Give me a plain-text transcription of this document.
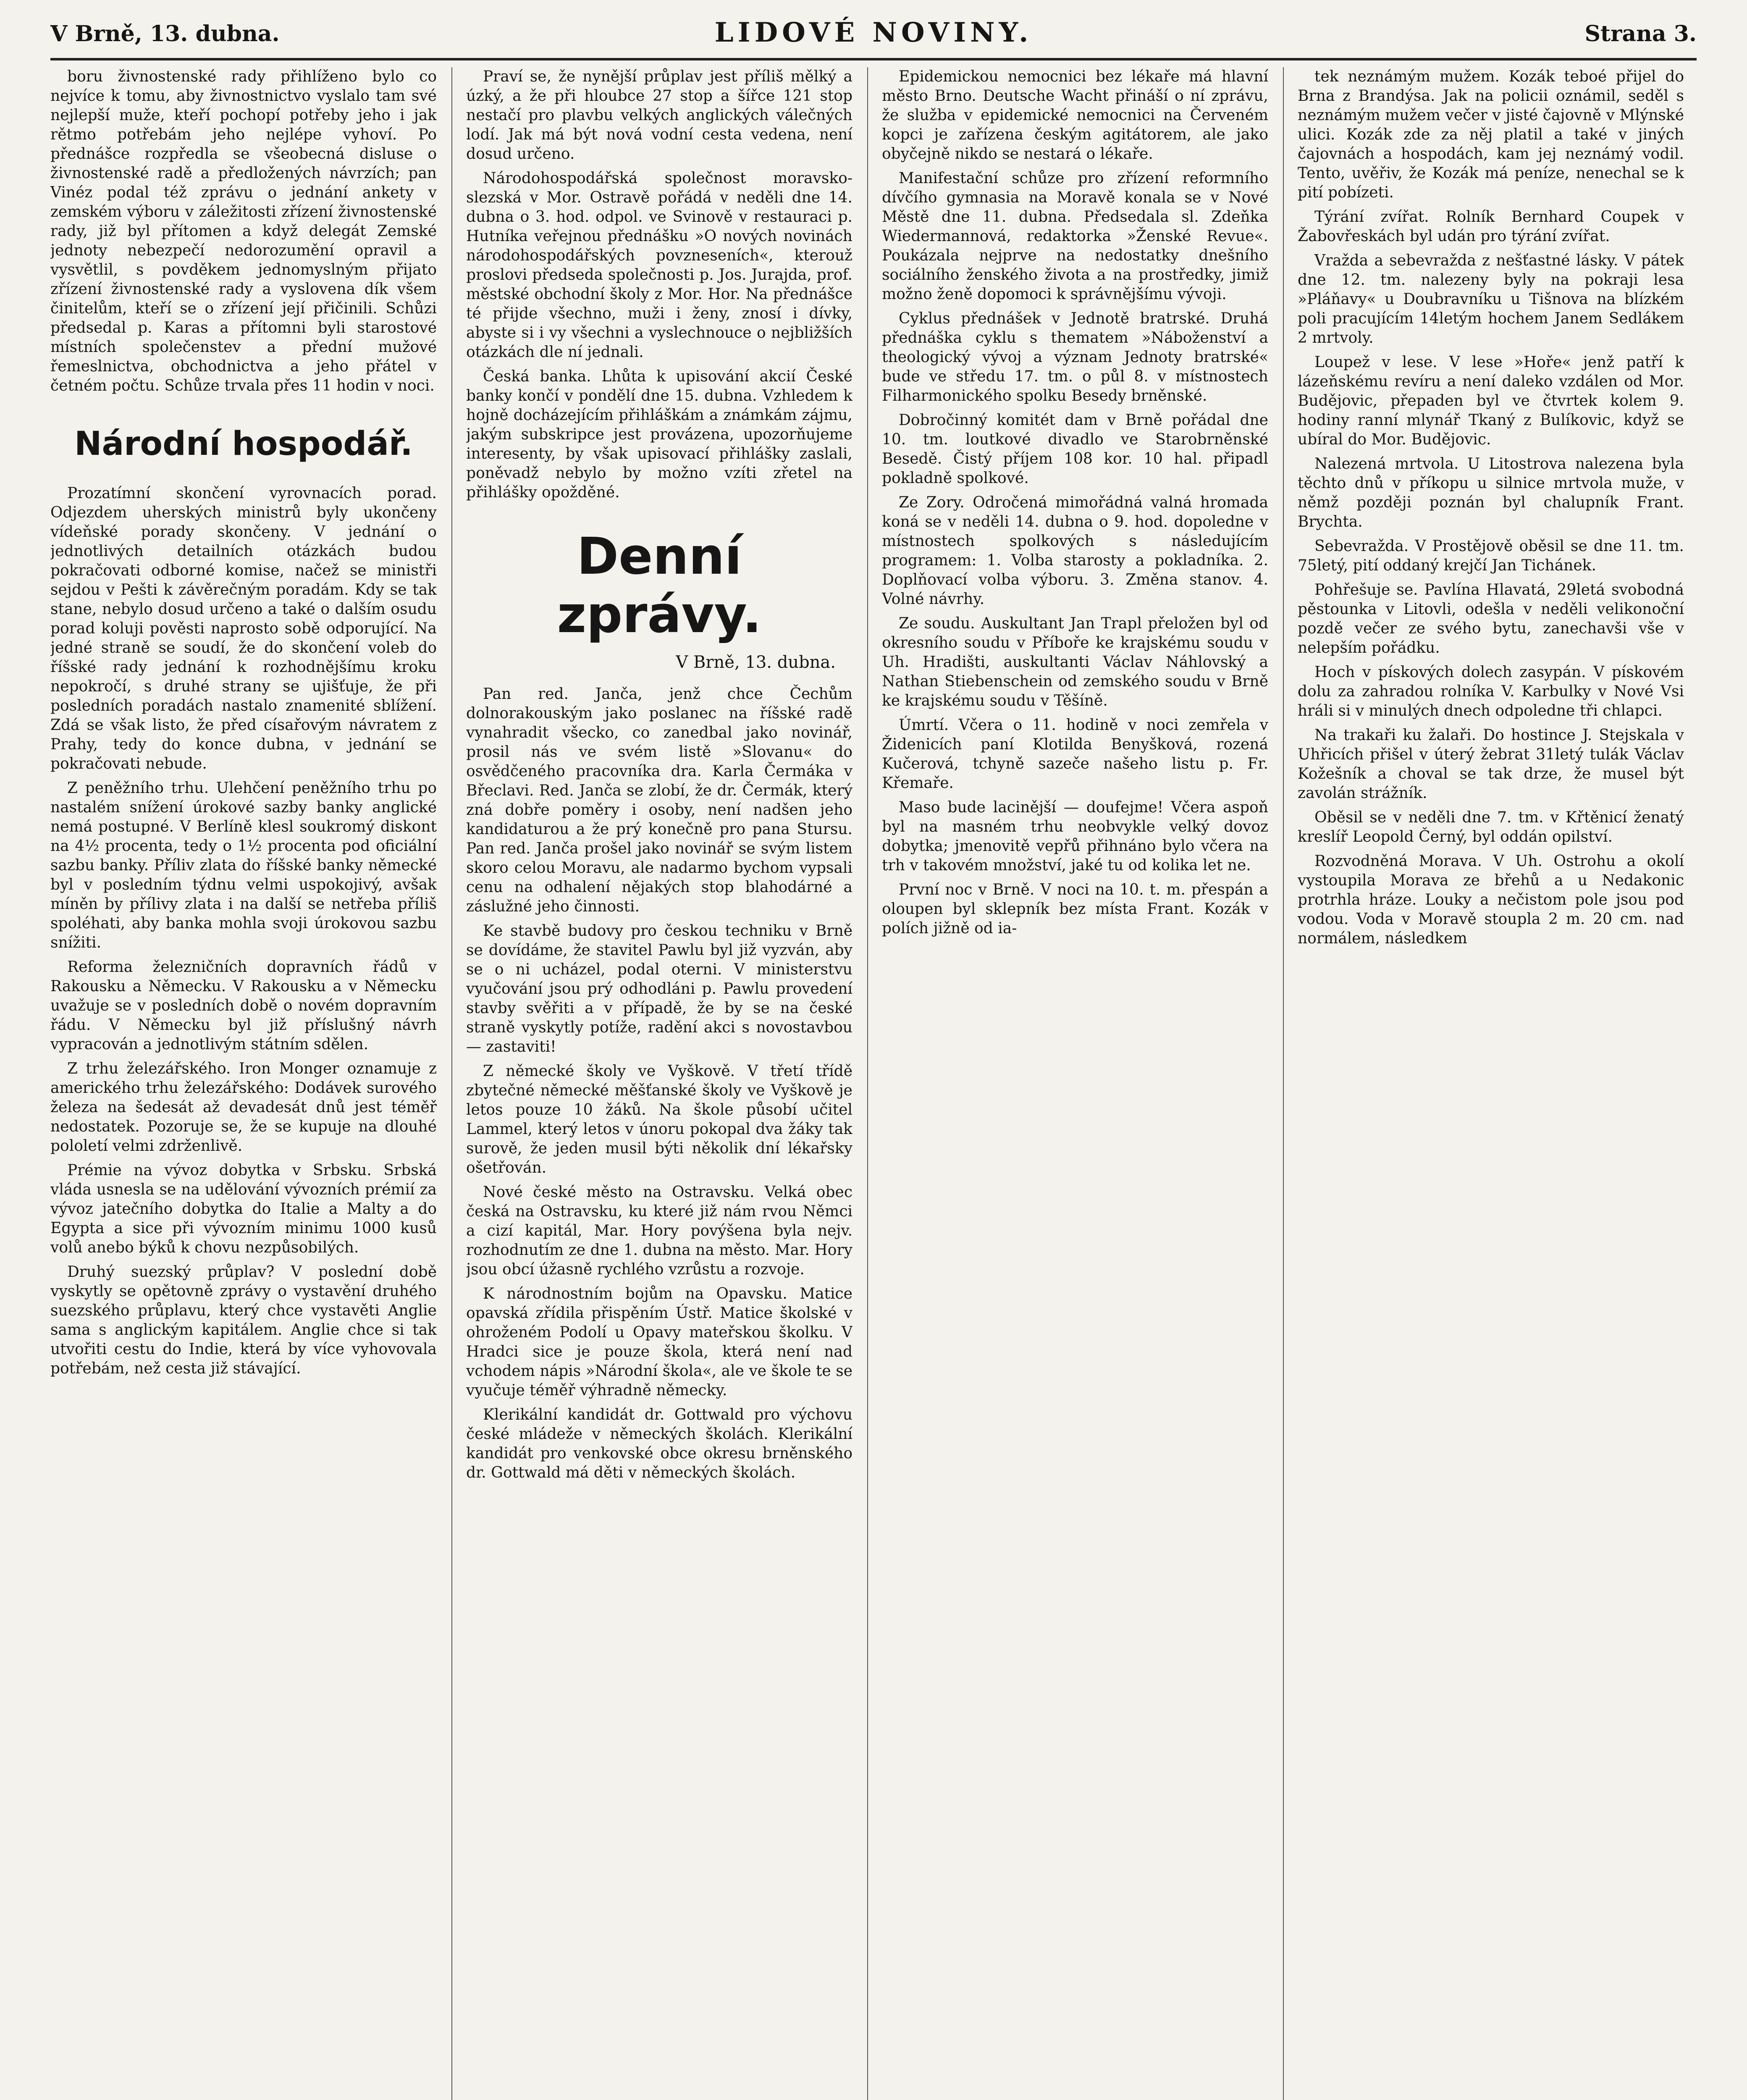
V Brně, 13. dubna.	LIDOVÉ NOVINY.	Strana 3.

boru živnostenské rady přihlíženo bylo co nejvíce k tomu, aby živnostnictvo vyslalo tam své nejlepší muže, kteří pochopí potřeby jeho i jak rětmo potřebám jeho nejlépe vyhoví. Po přednášce rozpředla se všeobecná disluse o živnostenské radě a předložených návrzích; pan Vinéz podal též zprávu o jednání ankety v zemském výboru v záležitosti zřízení živnostenské rady, již byl přítomen a když delegát Zemské jednoty nebezpečí nedorozumění opravil a vysvětlil, s povděkem jednomyslným přijato zřízení živnostenské rady a vyslovena dík všem činitelům, kteří se o zřízení její přičinili. Schůzi předsedal p. Karas a přítomni byli starostové místních společenstev a přední mužové řemeslnictva, obchodnictva a jeho přátel v četném počtu. Schůze trvala přes 11 hodin v noci.

Národní hospodář.

Prozatímní skončení vyrovnacích porad. Odjezdem uherských ministrů byly ukončeny vídeňské porady skončeny. V jednání o jednotlivých detailních otázkách budou pokračovati odborné komise, načež se ministři sejdou v Pešti k závěrečným poradám. Kdy se tak stane, nebylo dosud určeno a také o dalším osudu porad koluji pověsti naprosto sobě odporující. Na jedné straně se soudí, že do skončení voleb do říšské rady jednání k rozhodnějšímu kroku nepokročí, s druhé strany se ujišťuje, že při posledních poradách nastalo znamenité sblížení. Zdá se však listo, že před císařovým návratem z Prahy, tedy do konce dubna, v jednání se pokračovati nebude.

Z peněžního trhu. Ulehčení peněžního trhu po nastalém snížení úrokové sazby banky anglické nemá postupné. V Berlíně klesl soukromý diskont na 4½ procenta, tedy o 1½ procenta pod oficiální sazbu banky. Příliv zlata do říšské banky německé byl v posledním týdnu velmi uspokojivý, avšak míněn by přílivy zlata i na další se netřeba příliš spoléhati, aby banka mohla svoji úrokovou sazbu snížiti.

Reforma železničních dopravních řádů v Rakousku a Německu. V Rakousku a v Německu uvažuje se v posledních době o novém dopravním řádu. V Německu byl již příslušný návrh vypracován a jednotlivým státním sdělen.

Z trhu železářského. Iron Monger oznamuje z amerického trhu železářského: Dodávek surového železa na šedesát až devadesát dnů jest téměř nedostatek. Pozoruje se, že se kupuje na dlouhé pololetí velmi zdrženlivě.

Prémie na vývoz dobytka v Srbsku. Srbská vláda usnesla se na udělování vývozních prémií za vývoz jatečního dobytka do Italie a Malty a do Egypta a sice při vývozním minimu 1000 kusů volů anebo býků k chovu nezpůsobilých.

Druhý suezský průplav? V poslední době vyskytly se opětovně zprávy o vystavění druhého suezského průplavu, který chce vystavěti Anglie sama s anglickým kapitálem. Anglie chce si tak utvořiti cestu do Indie, která by více vyhovovala potřebám, než cesta již stávající.

Praví se, že nynější průplav jest příliš mělký a úzký, a že při hloubce 27 stop a šířce 121 stop nestačí pro plavbu velkých anglických válečných lodí. Jak má být nová vodní cesta vedena, není dosud určeno.

Národohospodářská společnost moravsko-slezská v Mor. Ostravě pořádá v neděli dne 14. dubna o 3. hod. odpol. ve Svinově v restauraci p. Hutníka veřejnou přednášku »O nových novinách národohospodářských povzneseních«, kterouž proslovi předseda společnosti p. Jos. Jurajda, prof. městské obchodní školy z Mor. Hor. Na přednášce té přijde všechno, muži i ženy, znosí i dívky, abyste si i vy všechni a vyslechnouce o nejbližších otázkách dle ní jednali.

Česká banka. Lhůta k upisování akcií České banky končí v pondělí dne 15. dubna. Vzhledem k hojně docházejícím přihláškám a známkám zájmu, jakým subskripce jest provázena, upozorňujeme interesenty, by však upisovací přihlášky zaslali, poněvadž nebylo by možno vzíti zřetel na přihlášky opožděné.

Denní zprávy.
V Brně, 13. dubna.

Pan red. Janča, jenž chce Čechům dolnorakouským jako poslanec na říšské radě vynahradit všecko, co zanedbal jako novinář, prosil nás ve svém listě »Slovanu« do osvědčeného pracovníka dra. Karla Čermáka v Břeclavi. Red. Janča se zlobí, že dr. Čermák, který zná dobře poměry i osoby, není nadšen jeho kandidaturou a že prý konečně pro pana Stursu. Pan red. Janča prošel jako novinář se svým listem skoro celou Moravu, ale nadarmo bychom vypsali cenu na odhalení nějakých stop blahodárné a záslužné jeho činnosti.

Ke stavbě budovy pro českou techniku v Brně se dovídáme, že stavitel Pawlu byl již vyzván, aby se o ni ucházel, podal oterni. V ministerstvu vyučování jsou prý odhodláni p. Pawlu provedení stavby svěřiti a v případě, že by se na české straně vyskytly potíže, radění akci s novostavbou — zastaviti!

Z německé školy ve Vyškově. V třetí třídě zbytečné německé měšťanské školy ve Vyškově je letos pouze 10 žáků. Na škole působí učitel Lammel, který letos v únoru pokopal dva žáky tak surově, že jeden musil býti několik dní lékařsky ošetřován.

Nové české město na Ostravsku. Velká obec česká na Ostravsku, ku které již nám rvou Němci a cizí kapitál, Mar. Hory povýšena byla nejv. rozhodnutím ze dne 1. dubna na město. Mar. Hory jsou obcí úžasně rychlého vzrůstu a rozvoje.

K národnostním bojům na Opavsku. Matice opavská zřídila přispěním Ústř. Matice školské v ohroženém Podolí u Opavy mateřskou školku. V Hradci sice je pouze škola, která není nad vchodem nápis »Národní škola«, ale ve škole te se vyučuje téměř výhradně německy.

Klerikální kandidát dr. Gottwald pro výchovu české mládeže v německých školách. Klerikální kandidát pro venkovské obce okresu brněnského dr. Gottwald má děti v německých školách.

Epidemickou nemocnici bez lékaře má hlavní město Brno. Deutsche Wacht přináší o ní zprávu, že služba v epidemické nemocnici na Červeném kopci je zařízena českým agitátorem, ale jako obyčejně nikdo se nestará o lékaře.

Manifestační schůze pro zřízení reformního dívčího gymnasia na Moravě konala se v Nové Městě dne 11. dubna. Předsedala sl. Zdeňka Wiedermannová, redaktorka »Ženské Revue«. Poukázala nejprve na nedostatky dnešního sociálního ženského života a na prostředky, jimiž možno ženě dopomoci k správnějšímu vývoji.

Cyklus přednášek v Jednotě bratrské. Druhá přednáška cyklu s thematem »Náboženství a theologický vývoj a význam Jednoty bratrské« bude ve středu 17. tm. o půl 8. v místnostech Filharmonického spolku Besedy brněnské.

Dobročinný komitét dam v Brně pořádal dne 10. tm. loutkové divadlo ve Starobrněnské Besedě. Čistý příjem 108 kor. 10 hal. připadl pokladně spolkové.

Ze Zory. Odročená mimořádná valná hromada koná se v neděli 14. dubna o 9. hod. dopoledne v místnostech spolkových s následujícím programem: 1. Volba starosty a pokladníka. 2. Doplňovací volba výboru. 3. Změna stanov. 4. Volné návrhy.

Ze soudu. Auskultant Jan Trapl přeložen byl od okresního soudu v Příboře ke krajskému soudu v Uh. Hradišti, auskultanti Václav Náhlovský a Nathan Stiebenschein od zemského soudu v Brně ke krajskému soudu v Těšíně.

Úmrtí. Včera o 11. hodině v noci zemřela v Židenicích paní Klotilda Benyšková, rozená Kučerová, tchyně sazeče našeho listu p. Fr. Křemaře.

Maso bude lacinější — doufejme! Včera aspoň byl na masném trhu neobvykle velký dovoz dobytka; jmenovitě vepřů přihnáno bylo včera na trh v takovém množství, jaké tu od kolika let ne.

První noc v Brně. V noci na 10. t. m. přespán a oloupen byl sklepník bez místa Frant. Kozák v polích jižně od iа-

tek neznámým mužem. Kozák teboé přijel do Brna z Brandýsa. Jak na policii oznámil, seděl s neznámým mužem večer v jisté čajovně v Mlýnské ulici. Kozák zde za něj platil a také v jiných čajovnách a hospodách, kam jej neznámý vodil. Tento, uvěřiv, že Kozák má peníze, nenechal se k pití pobízeti.

Týrání zvířat. Rolník Bernhard Coupek v Žabovřeskách byl udán pro týrání zvířat.

Vražda a sebevražda z nešťastné lásky. V pátek dne 12. tm. nalezeny byly na pokraji lesa »Pláňavy« u Doubravníku u Tišnova na blízkém poli pracujícím 14letým hochem Janem Sedlákem 2 mrtvoly.

Loupež v lese. V lese »Hoře« jenž patří k lázeňskému revíru a není daleko vzdálen od Mor. Budějovic, přepaden byl ve čtvrtek kolem 9. hodiny ranní mlynář Tkaný z Bulíkovic, když se ubíral do Mor. Budějovic.

Nalezená mrtvola. U Litostrova nalezena byla těchto dnů v příkopu u silnice mrtvola muže, v němž později poznán byl chalupník Frant. Brychta.

Sebevražda. V Prostějově oběsil se dne 11. tm. 75letý, pití oddaný krejčí Jan Tichánek.

Pohřešuje se. Pavlína Hlavatá, 29letá svobodná pěstounka v Litovli, odešla v neděli velikonoční pozdě večer ze svého bytu, zanechavši vše v nelepším pořádku.

Hoch v pískových dolech zasypán. V pískovém dolu za zahradou rolníka V. Karbulky v Nové Vsi hráli si v minulých dnech odpoledne tři chlapci.

Na trakaři ku žalaři. Do hostince J. Stejskala v Uhřicích přišel v úterý žebrat 31letý tulák Václav Kožešník a choval se tak drze, že musel být zavolán strážník.

Oběsil se v neděli dne 7. tm. v Křtěnicí ženatý kreslíř Leopold Černý, byl oddán opilství.

Rozvodněná Morava. V Uh. Ostrohu a okolí vystoupila Morava ze břehů a u Nedakonic protrhla hráze. Louky a nečistom pole jsou pod vodou. Voda v Moravě stoupla 2 m. 20 cm. nad normálem, následkem
